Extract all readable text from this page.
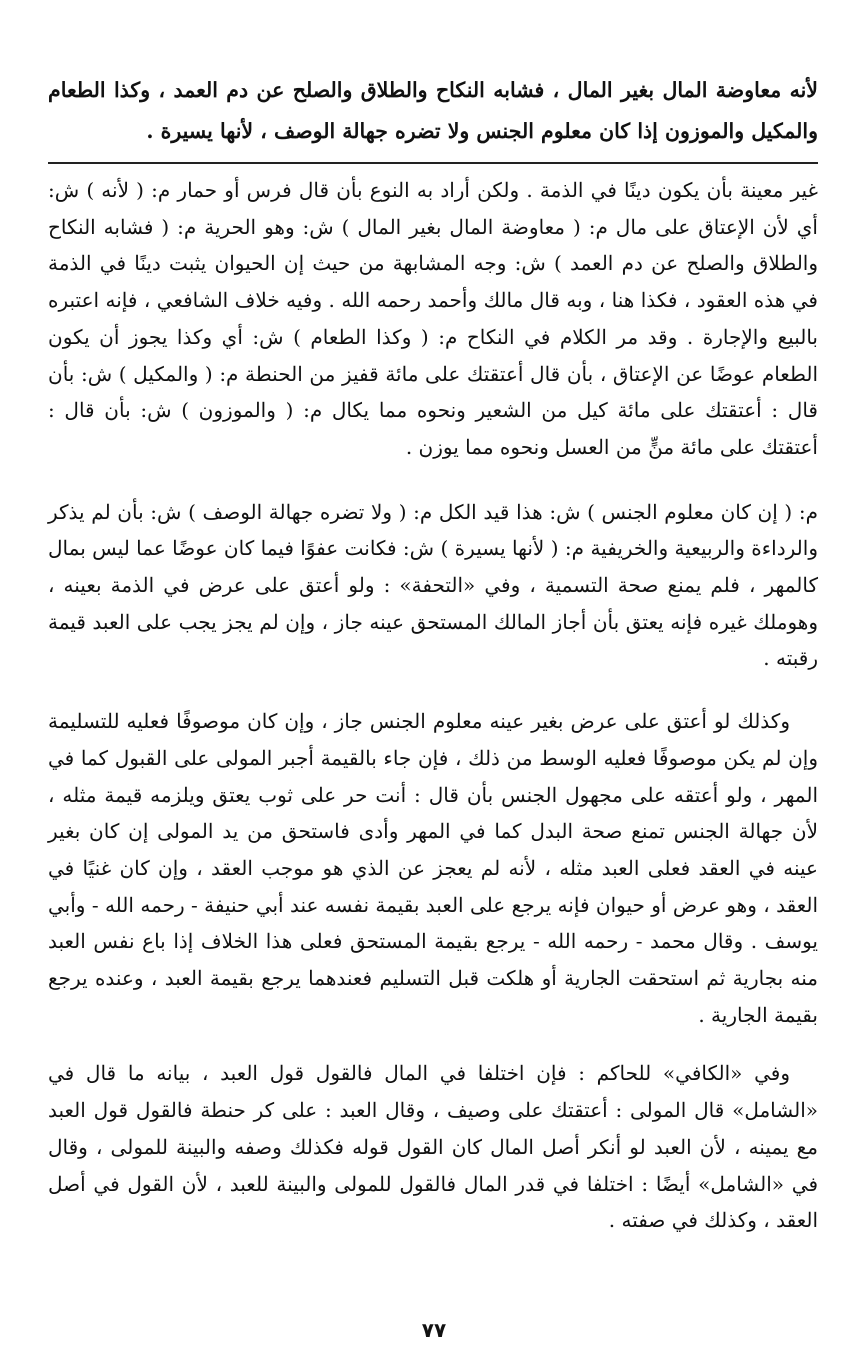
لأنه معاوضة المال بغير المال ، فشابه النكاح والطلاق والصلح عن دم العمد ، وكذا الطعام والمكيل والموزون إذا كان معلوم الجنس ولا تضره جهالة الوصف ، لأنها يسيرة .

غير معينة بأن يكون دينًا في الذمة . ولكن أراد به النوع بأن قال فرس أو حمار م: ( لأنه ) ش: أي لأن الإعتاق على مال م: ( معاوضة المال بغير المال ) ش: وهو الحرية م: ( فشابه النكاح والطلاق والصلح عن دم العمد ) ش: وجه المشابهة من حيث إن الحيوان يثبت دينًا في الذمة في هذه العقود ، فكذا هنا ، وبه قال مالك وأحمد رحمه الله . وفيه خلاف الشافعي ، فإنه اعتبره بالبيع والإجارة . وقد مر الكلام في النكاح م: ( وكذا الطعام ) ش: أي وكذا يجوز أن يكون الطعام عوضًا عن الإعتاق ، بأن قال أعتقتك على مائة قفيز من الحنطة م: ( والمكيل ) ش: بأن قال : أعتقتك على مائة كيل من الشعير ونحوه مما يكال م: ( والموزون ) ش: بأن قال : أعتقتك على مائة منٍّ من العسل ونحوه مما يوزن .

م: ( إن كان معلوم الجنس ) ش: هذا قيد الكل م: ( ولا تضره جهالة الوصف ) ش: بأن لم يذكر والرداءة والربيعية والخريفية م: ( لأنها يسيرة ) ش: فكانت عفوًا فيما كان عوضًا عما ليس بمال كالمهر ، فلم يمنع صحة التسمية ، وفي «التحفة» : ولو أعتق على عرض في الذمة بعينه ، وهوملك غيره فإنه يعتق بأن أجاز المالك المستحق عينه جاز ، وإن لم يجز يجب على العبد قيمة رقبته .

وكذلك لو أعتق على عرض بغير عينه معلوم الجنس جاز ، وإن كان موصوفًا فعليه للتسليمة وإن لم يكن موصوفًا فعليه الوسط من ذلك ، فإن جاء بالقيمة أجبر المولى على القبول كما في المهر ، ولو أعتقه على مجهول الجنس بأن قال : أنت حر على ثوب يعتق ويلزمه قيمة مثله ، لأن جهالة الجنس تمنع صحة البدل كما في المهر وأدى فاستحق من يد المولى إن كان بغير عينه في العقد فعلى العبد مثله ، لأنه لم يعجز عن الذي هو موجب العقد ، وإن كان غنيًا في العقد ، وهو عرض أو حيوان فإنه يرجع على العبد بقيمة نفسه عند أبي حنيفة - رحمه الله - وأبي يوسف . وقال محمد - رحمه الله - يرجع بقيمة المستحق فعلى هذا الخلاف إذا باع نفس العبد منه بجارية ثم استحقت الجارية أو هلكت قبل التسليم فعندهما يرجع بقيمة العبد ، وعنده يرجع بقيمة الجارية .

وفي «الكافي» للحاكم : فإن اختلفا في المال فالقول قول العبد ، بيانه ما قال في «الشامل» قال المولى : أعتقتك على وصيف ، وقال العبد : على كر حنطة فالقول قول العبد مع يمينه ، لأن العبد لو أنكر أصل المال كان القول قوله فكذلك وصفه والبينة للمولى ، وقال في «الشامل» أيضًا : اختلفا في قدر المال فالقول للمولى والبينة للعبد ، لأن القول في أصل العقد ، وكذلك في صفته .

٧٧
